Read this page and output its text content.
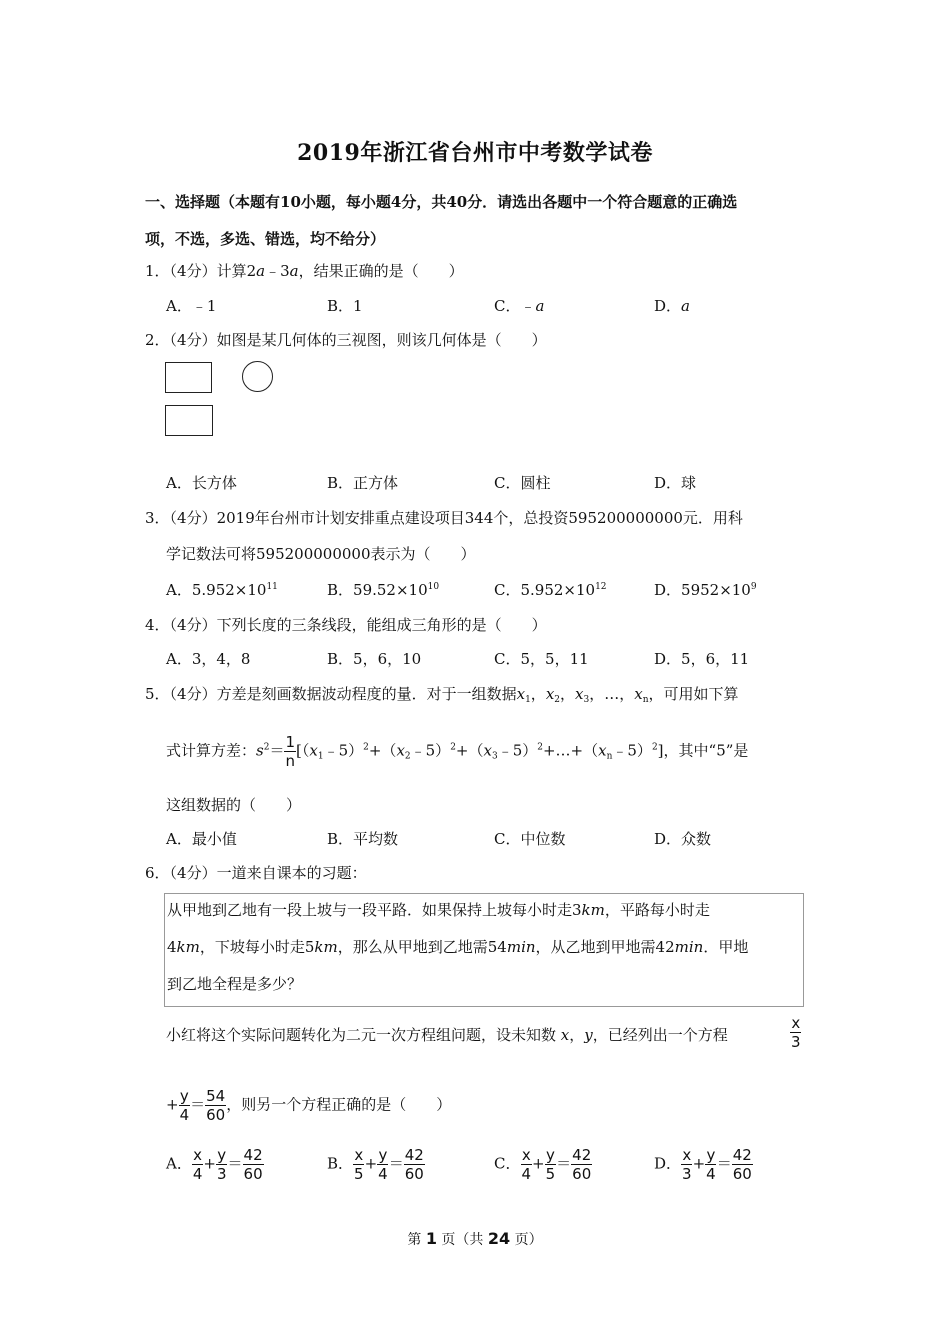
2019年浙江省台州市中考数学试卷
一、选择题（本题有10小题，每小题4分，共40分．请选出各题中一个符合题意的正确选
项，不选，多选、错选，均不给分）
1．（4分）计算2a﹣3a，结果正确的是（　　）
A．﹣1	B．1	C．﹣a	D．a
2．（4分）如图是某几何体的三视图，则该几何体是（　　）
A．长方体	B．正方体	C．圆柱	D．球
3．（4分）2019年台州市计划安排重点建设项目344个，总投资595200000000元．用科
学记数法可将595200000000表示为（　　）
A．$5.952\times 10^{11}$	B．$59.52\times 10^{10}$	C．$5.952\times 10^{12}$	D．$5952\times 10^9$
4．（4分）下列长度的三条线段，能组成三角形的是（　　）
A．3，4，8	B．5，6，10	C．5，5，11	D．5，6，11
5．（4分）方差是刻画数据波动程度的量．对于一组数据$x_1$，$x_2$，$x_3$，…，$x_n$，可用如下算
式计算方差：$s^2= \frac{1}{n}$ $[(x_1﹣5)^2+(x_2﹣5)^2+(x_3﹣5)^2+\dots+(x_n﹣5)^2]$，其中“5”是
这组数据的（　　）
A．最小值	B．平均数	C．中位数	D．众数
6．（4分）一道来自课本的习题：
从甲地到乙地有一段上坡与一段平路．如果保持上坡每小时走3km，平路每小时走
4km，下坡每小时走5km，那么从甲地到乙地需54min，从乙地到甲地需42min．甲地
到乙地全程是多少？
小红将这个实际问题转化为二元一次方程组问题，设未知数 x，y，已经列出一个方程	$\frac{x}{3}$
+ $\frac{y}{4} = \frac{54}{60}$ ，则另一个方程正确的是（　　）
A． $\frac{x}{4} + \frac{y}{3} = \frac{42}{60}$	B． $\frac{x}{5} + \frac{y}{4} = \frac{42}{60}$	C． $\frac{x}{4} + \frac{y}{5} = \frac{42}{60}$	D． $\frac{x}{3} + \frac{y}{4} = \frac{42}{60}$
第 1 页（共 24 页）
